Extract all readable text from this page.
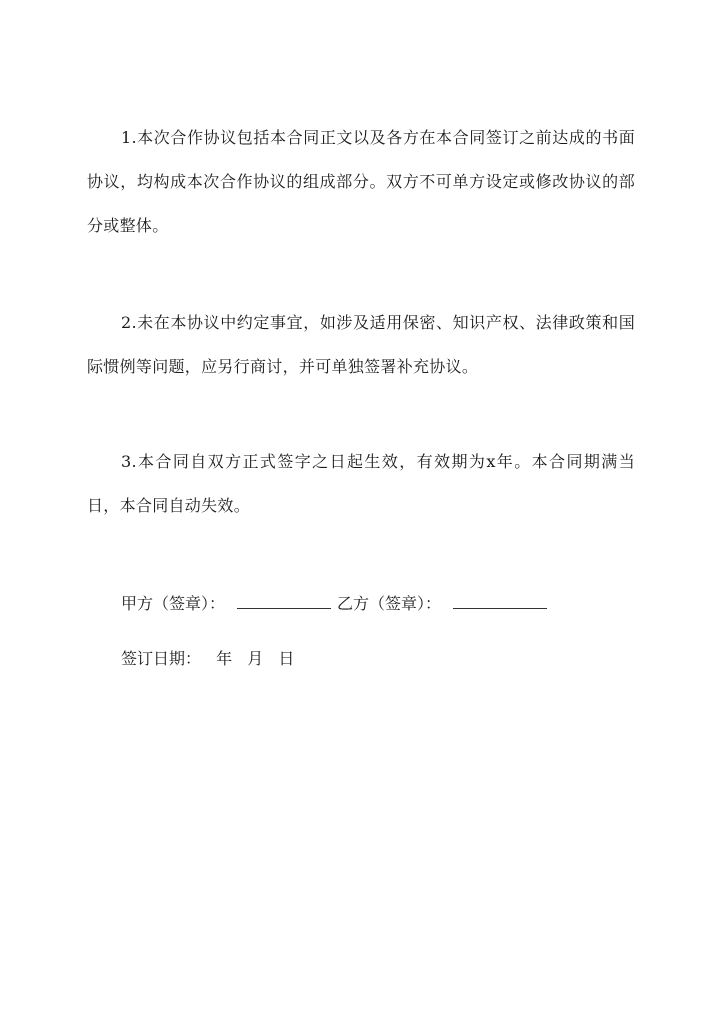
1.本次合作协议包括本合同正文以及各方在本合同签订之前达成的书面协议，均构成本次合作协议的组成部分。双方不可单方设定或修改协议的部分或整体。

2.未在本协议中约定事宜，如涉及适用保密、知识产权、法律政策和国际惯例等问题，应另行商讨，并可单独签署补充协议。

3.本合同自双方正式签字之日起生效，有效期为x年。本合同期满当日，本合同自动失效。

甲方（签章）：	乙方（签章）：
签订日期： 年 月 日
